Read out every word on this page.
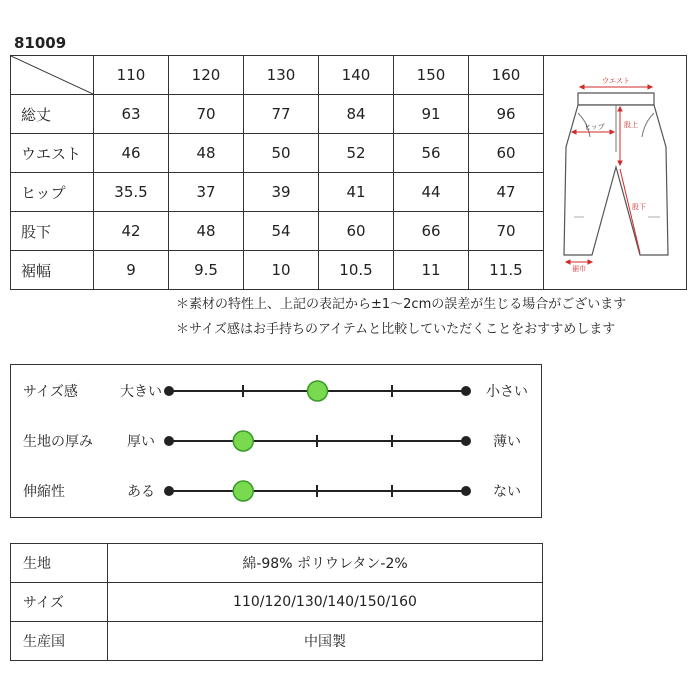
81009
	110	120	130	140	150	160	ウエスト
ヒップ 股上
股下
裾巾

総丈	63	70	77	84	91	96	
ウエスト	46	48	50	52	56	60	
ヒップ	35.5	37	39	41	44	47	
股下	42	48	54	60	66	70	
裾幅	9	9.5	10	10.5	11	11.5	
＊素材の特性上、上記の表記から±1〜2cmの誤差が生じる場合がございます
＊サイズ感はお手持ちのアイテムと比較していただくことをおすすめします
サイズ感	大きい	小さい
生地の厚み	厚い	薄い
伸縮性	ある	ない
生地	綿-98% ポリウレタン-2%
サイズ	110/120/130/140/150/160
生産国	中国製
